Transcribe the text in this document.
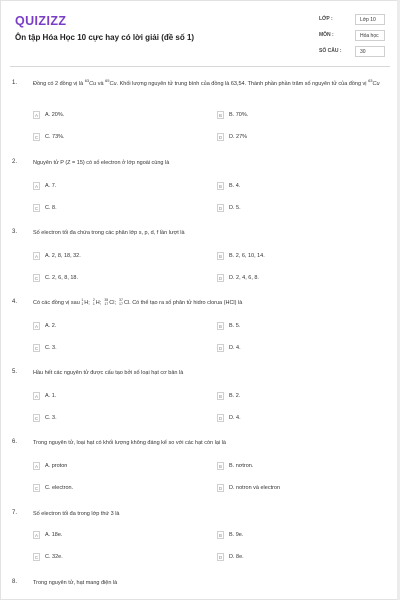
QUIZIZZ
Ôn tập Hóa Học 10 cực hay có lời giải (đề số 1)
LỚP :	Lớp 10
MÔN :	Hóa học
SỐ CÂU :	30
1.	Đồng có 2 đồng vị là $^{63}$Cu và $^{65}$Cu. Khối lượng nguyên tử trung bình của đồng là 63,54. Thành phần phần trăm số nguyên tử của đồng vị $^{63}$Cu
A	A. 20%.	B	B. 70%.
C	C. 73%.	D	D. 27%
2.	Nguyên tử P (Z = 15) có số electron ở lớp ngoài cùng là
A	A. 7.	B	B. 4.
C	C. 8.	D	D. 5.
3.	Số electron tối đa chứa trong các phân lớp s, p, d, f lần lượt là
A	A. 2, 8, 18, 32.	B	B. 2, 6, 10, 14.
C	C. 2, 6, 8, 18.	D	D. 2, 4, 6, 8.
4.	Có các đồng vị sau 1
1 H; 2
1 H; 35
17 Cl; 37
17 Cl. Có thể tạo ra số phân tử hidro clorua (HCl) là
A	A. 2.	B	B. 5.
C	C. 3.	D	D. 4.
5.	Hầu hết các nguyên tử được cấu tạo bởi số loại hạt cơ bản là
A	A. 1.	B	B. 2.
C	C. 3.	D	D. 4.
6.	Trong nguyên tử, loại hạt có khối lượng không đáng kể so với các hạt còn lại là
A	A. proton	B	B. nơtron.
C	C. electron.	D	D. notron và electron
7.	Số electron tối đa trong lớp thứ 3 là
A	A. 18e.	B	B. 9e.
C	C. 32e.	D	D. 8e.
8.	Trong nguyên tử, hạt mang điện là
